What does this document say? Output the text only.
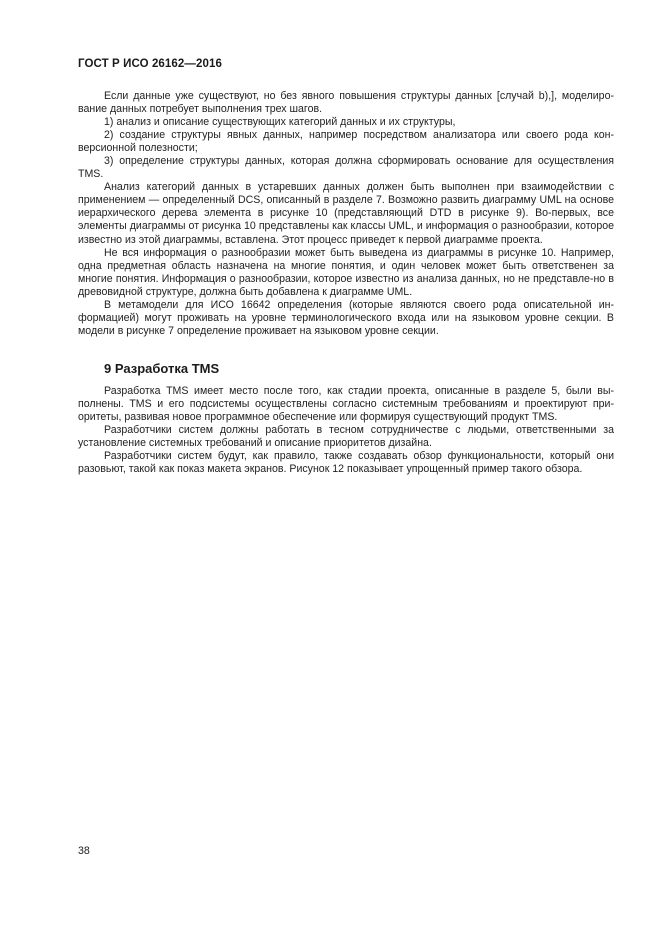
ГОСТ Р ИСО 26162—2016

Если данные уже существуют, но без явного повышения структуры данных [случай b),], моделиро-вание данных потребует выполнения трех шагов.

1) анализ и описание существующих категорий данных и их структуры,

2) создание структуры явных данных, например посредством анализатора или своего рода кон-версионной полезности;

3) определение структуры данных, которая должна сформировать основание для осуществления TMS.

Анализ категорий данных в устаревших данных должен быть выполнен при взаимодействии с применением — определенный DCS, описанный в разделе 7. Возможно развить диаграмму UML на основе иерархического дерева элемента в рисунке 10 (представляющий DTD в рисунке 9). Во-первых, все элементы диаграммы от рисунка 10 представлены как классы UML, и информация о разнообразии, которое известно из этой диаграммы, вставлена. Этот процесс приведет к первой диаграмме проекта.

Не вся информация о разнообразии может быть выведена из диаграммы в рисунке 10. Например, одна предметная область назначена на многие понятия, и один человек может быть ответственен за многие понятия. Информация о разнообразии, которое известно из анализа данных, но не представле-но в древовидной структуре, должна быть добавлена к диаграмме UML.

В метамодели для ИСО 16642 определения (которые являются своего рода описательной ин-формацией) могут проживать на уровне терминологического входа или на языковом уровне секции. В модели в рисунке 7 определение проживает на языковом уровне секции.

9 Разработка TMS

Разработка TMS имеет место после того, как стадии проекта, описанные в разделе 5, были вы-полнены. TMS и его подсистемы осуществлены согласно системным требованиям и проектируют при-оритеты, развивая новое программное обеспечение или формируя существующий продукт TMS.

Разработчики систем должны работать в тесном сотрудничестве с людьми, ответственными за установление системных требований и описание приоритетов дизайна.

Разработчики систем будут, как правило, также создавать обзор функциональности, который они разовьют, такой как показ макета экранов. Рисунок 12 показывает упрощенный пример такого обзора.

38
